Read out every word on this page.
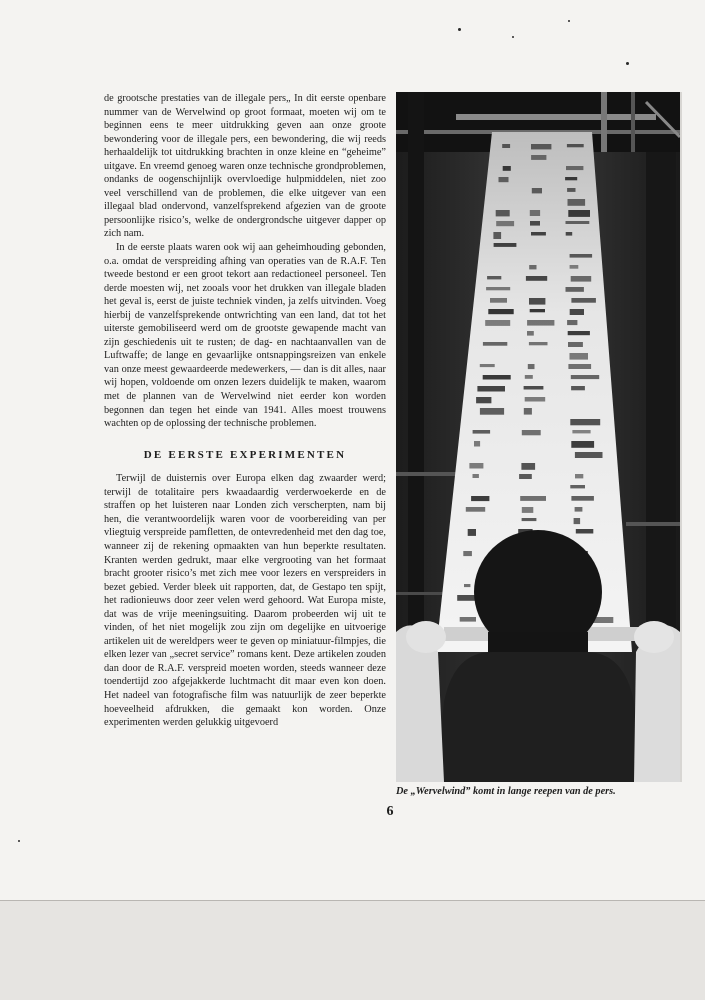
de grootsche prestaties van de illegale pers„ In dit eerste openbare nummer van de Wervelwind op groot formaat, moeten wij om te beginnen eens te meer uitdrukking geven aan onze groote bewondering voor de illegale pers, een bewondering, die wij reeds herhaaldelijk tot uitdrukking brachten in onze kleine en “geheime” uitgave. En vreemd genoeg waren onze technische grondproblemen, ondanks de oogenschijnlijk overvloedige hulpmiddelen, niet zoo veel verschillend van de problemen, die elke uitgever van een illegaal blad ondervond, vanzelfsprekend afgezien van de groote persoonlijke risico’s, welke de ondergrondsche uitgever dapper op zich nam.

In de eerste plaats waren ook wij aan geheimhouding gebonden, o.a. omdat de verspreiding afhing van operaties van de R.A.F. Ten tweede bestond er een groot tekort aan redactioneel personeel. Ten derde moesten wij, net zooals voor het drukken van illegale bladen het geval is, eerst de juiste techniek vinden, ja zelfs uitvinden. Voeg hierbij de vanzelfsprekende ontwrichting van een land, dat tot het uiterste gemobiliseerd werd om de grootste gewapende macht van zijn geschiedenis uit te rusten; de dag- en nachtaanvallen van de Luftwaffe; de lange en gevaarlijke ontsnappingsreizen van enkele van onze meest gewaardeerde medewerkers, — dan is dit alles, naar wij hopen, voldoende om onzen lezers duidelijk te maken, waarom met de plannen van de Wervelwind niet eerder kon worden begonnen dan tegen het einde van 1941. Alles moest trouwens wachten op de oplossing der technische problemen.

DE EERSTE EXPERIMENTEN

Terwijl de duisternis over Europa elken dag zwaarder werd; terwijl de totalitaire pers kwaadaardig verderwoekerde en de straffen op het luisteren naar Londen zich verscherpten, nam bij hen, die verantwoordelijk waren voor de voorbereiding van per vliegtuig verspreide pamfletten, de ontevredenheid met den dag toe, wanneer zij de rekening opmaakten van hun beperkte resultaten. Kranten werden gedrukt, maar elke vergrooting van het formaat bracht grooter risico’s met zich mee voor lezers en verspreiders in bezet gebied. Verder bleek uit rapporten, dat, de Gestapo ten spijt, het radionieuws door zeer velen werd gehoord. Wat Europa miste, dat was de vrije meeningsuiting. Daarom probeerden wij uit te vinden, of het niet mogelijk zou zijn om degelijke en uitvoerige artikelen uit de wereldpers weer te geven op miniatuur-filmpjes, die elken lezer van „secret service” romans kent. Deze artikelen zouden dan door de R.A.F. verspreid moeten worden, steeds wanneer deze toendertijd zoo afgejakkerde luchtmacht dit maar even kon doen. Het nadeel van fotografische film was natuurlijk de zeer beperkte hoeveelheid afdrukken, die gemaakt kon worden. Onze experimenten werden gelukkig uitgevoerd

De „Wervelwind” komt in lange reepen van de pers.
6
